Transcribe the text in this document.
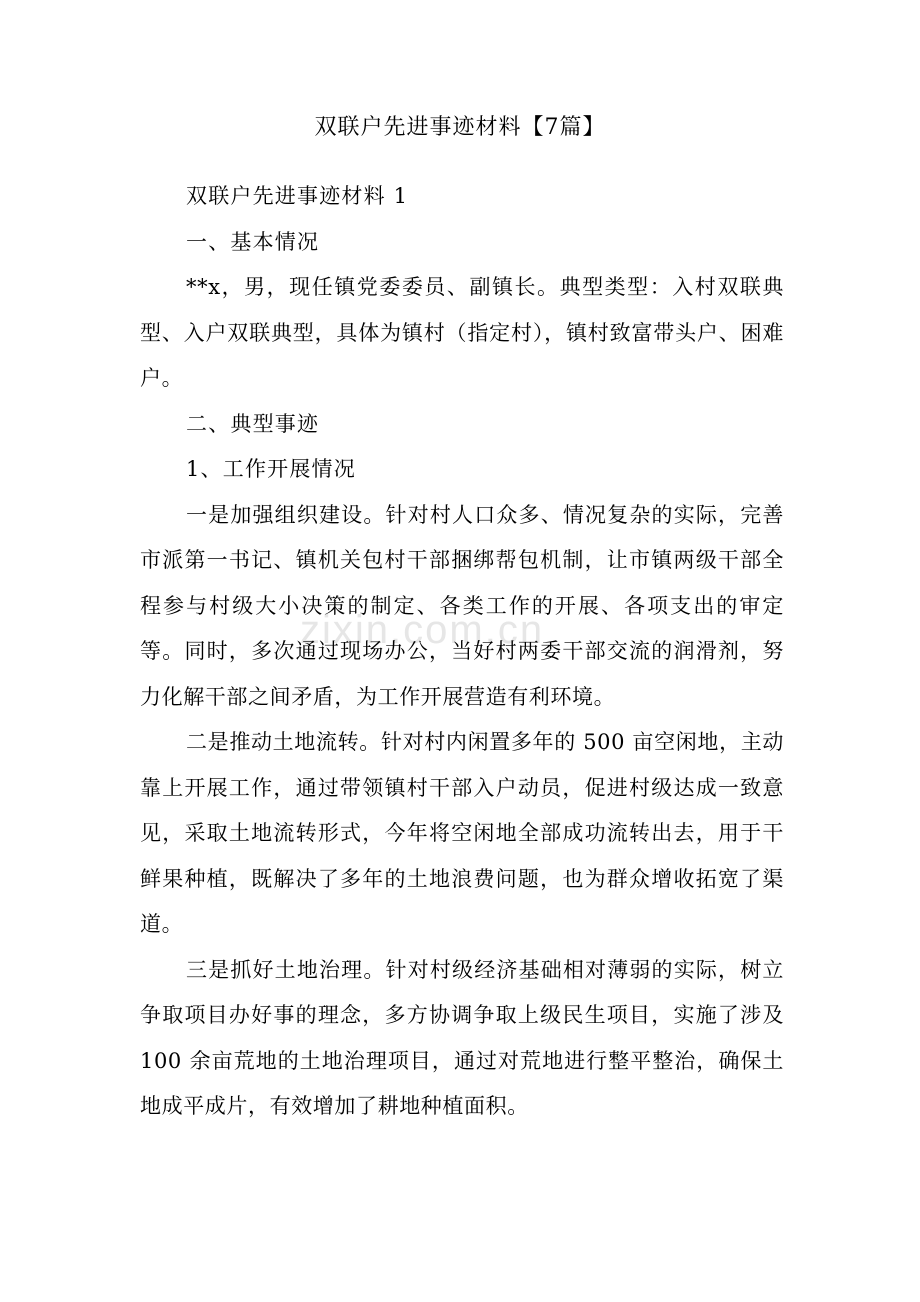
zixin.com.cn
双联户先进事迹材料【7篇】

双联户先进事迹材料 1

一、基本情况

**x，男，现任镇党委委员、副镇长。典型类型：入村双联典型、入户双联典型，具体为镇村（指定村），镇村致富带头户、困难户。

二、典型事迹

1、工作开展情况

一是加强组织建设。针对村人口众多、情况复杂的实际，完善市派第一书记、镇机关包村干部捆绑帮包机制，让市镇两级干部全程参与村级大小决策的制定、各类工作的开展、各项支出的审定等。同时，多次通过现场办公，当好村两委干部交流的润滑剂，努力化解干部之间矛盾，为工作开展营造有利环境。

二是推动土地流转。针对村内闲置多年的 500 亩空闲地，主动靠上开展工作，通过带领镇村干部入户动员，促进村级达成一致意见，采取土地流转形式，今年将空闲地全部成功流转出去，用于干鲜果种植，既解决了多年的土地浪费问题，也为群众增收拓宽了渠道。

三是抓好土地治理。针对村级经济基础相对薄弱的实际，树立争取项目办好事的理念，多方协调争取上级民生项目，实施了涉及 100 余亩荒地的土地治理项目，通过对荒地进行整平整治，确保土地成平成片，有效增加了耕地种植面积。
